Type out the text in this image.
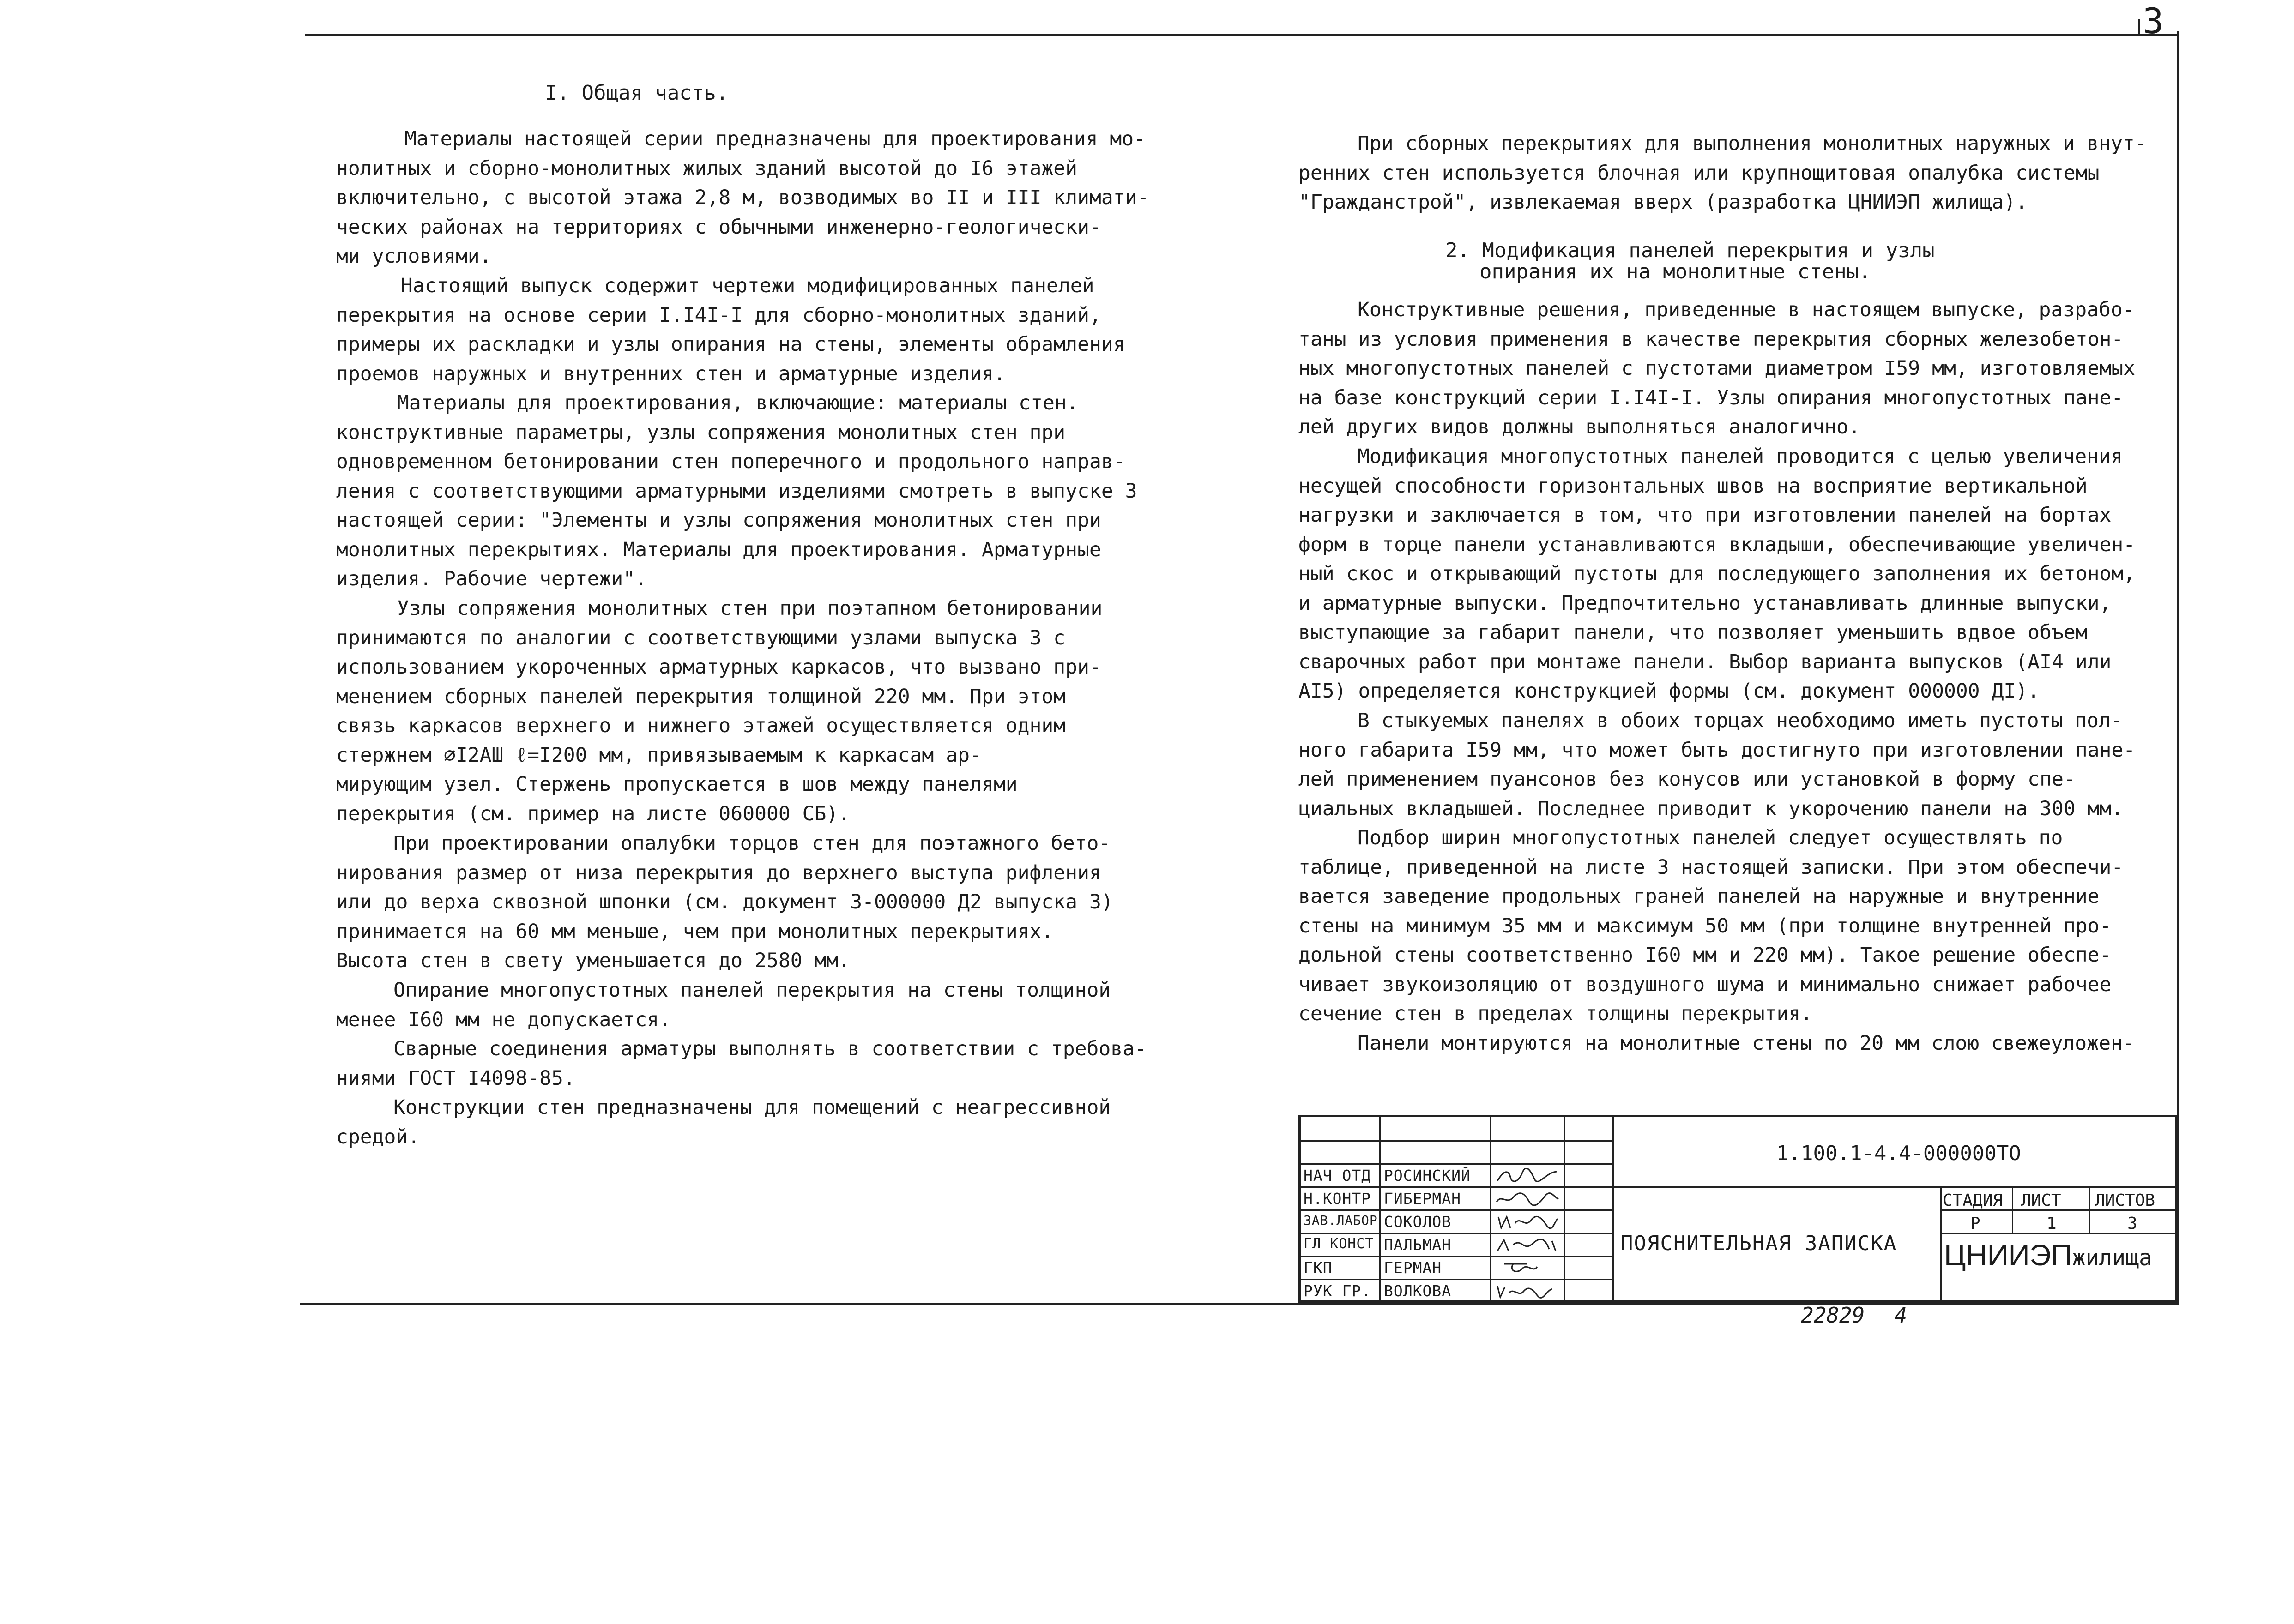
3
I. Общая часть.
Материалы настоящей серии предназначены для проектирования мо-
нолитных и сборно-монолитных жилых зданий высотой до I6 этажей
включительно, с высотой этажа 2,8 м, возводимых во II и III климати-
ческих районах на территориях с обычными инженерно-геологически-
ми условиями.
Настоящий выпуск содержит чертежи модифицированных панелей
перекрытия на основе серии I.I4I-I для сборно-монолитных зданий,
примеры их раскладки и узлы опирания на стены, элементы обрамления
проемов наружных и внутренних стен и арматурные изделия.
Материалы для проектирования, включающие: материалы стен.
конструктивные параметры, узлы сопряжения монолитных стен при
одновременном бетонировании стен поперечного и продольного направ-
ления с соответствующими арматурными изделиями смотреть в выпуске 3
настоящей серии: "Элементы и узлы сопряжения монолитных стен при
монолитных перекрытиях. Материалы для проектирования. Арматурные
изделия. Рабочие чертежи".
Узлы сопряжения монолитных стен при поэтапном бетонировании
принимаются по аналогии с соответствующими узлами выпуска 3 с
использованием укороченных арматурных каркасов, что вызвано при-
менением сборных панелей перекрытия толщиной 220 мм. При этом
связь каркасов верхнего и нижнего этажей осуществляется одним
стержнем ∅I2АШ ℓ=I200 мм, привязываемым к каркасам ар-
мирующим узел. Стержень пропускается в шов между панелями
перекрытия (см. пример на листе 060000 СБ).
При проектировании опалубки торцов стен для поэтажного бето-
нирования размер от низа перекрытия до верхнего выступа рифления
или до верха сквозной шпонки (см. документ 3-000000 Д2 выпуска 3)
принимается на 60 мм меньше, чем при монолитных перекрытиях.
Высота стен в свету уменьшается до 2580 мм.
Опирание многопустотных панелей перекрытия на стены толщиной
менее I60 мм не допускается.
Сварные соединения арматуры выполнять в соответствии с требова-
ниями ГОСТ I4098-85.
Конструкции стен предназначены для помещений с неагрессивной
средой.
При сборных перекрытиях для выполнения монолитных наружных и внут-
ренних стен используется блочная или крупнощитовая опалубка системы
"Гражданстрой", извлекаемая вверх (разработка ЦНИИЭП жилища).
2. Модификация панелей перекрытия и узлы
опирания их на монолитные стены.
Конструктивные решения, приведенные в настоящем выпуске, разрабо-
таны из условия применения в качестве перекрытия сборных железобетон-
ных многопустотных панелей с пустотами диаметром I59 мм, изготовляемых
на базе конструкций серии I.I4I-I. Узлы опирания многопустотных пане-
лей других видов должны выполняться аналогично.
Модификация многопустотных панелей проводится с целью увеличения
несущей способности горизонтальных швов на восприятие вертикальной
нагрузки и заключается в том, что при изготовлении панелей на бортах
форм в торце панели устанавливаются вкладыши, обеспечивающие увеличен-
ный скос и открывающий пустоты для последующего заполнения их бетоном,
и арматурные выпуски. Предпочтительно устанавливать длинные выпуски,
выступающие за габарит панели, что позволяет уменьшить вдвое объем
сварочных работ при монтаже панели. Выбор варианта выпусков (АI4 или
АI5) определяется конструкцией формы (см. документ 000000 ДI).
В стыкуемых панелях в обоих торцах необходимо иметь пустоты пол-
ного габарита I59 мм, что может быть достигнуто при изготовлении пане-
лей применением пуансонов без конусов или установкой в форму спе-
циальных вкладышей. Последнее приводит к укорочению панели на 300 мм.
Подбор ширин многопустотных панелей следует осуществлять по
таблице, приведенной на листе 3 настоящей записки. При этом обеспечи-
вается заведение продольных граней панелей на наружные и внутренние
стены на минимум 35 мм и максимум 50 мм (при толщине внутренней про-
дольной стены соответственно I60 мм и 220 мм). Такое решение обеспе-
чивает звукоизоляцию от воздушного шума и минимально снижает рабочее
сечение стен в пределах толщины перекрытия.
Панели монтируются на монолитные стены по 20 мм слою свежеуложен-
1.100.1-4.4-000000ТО
НАЧ ОТД РОСИНСКИЙ
Н.КОНТР ГИБЕРМАН
ЗАВ.ЛАБОР СОКОЛОВ
ГЛ КОНСТ ПАЛЬМАН
ГКП	ГЕРМАН
РУК ГР. ВОЛКОВА
ПОЯСНИТЕЛЬНАЯ ЗАПИСКА
СТАДИЯ ЛИСТ ЛИСТОВ
Р	1	3
ЦНИИЭПжилища
22829 4
